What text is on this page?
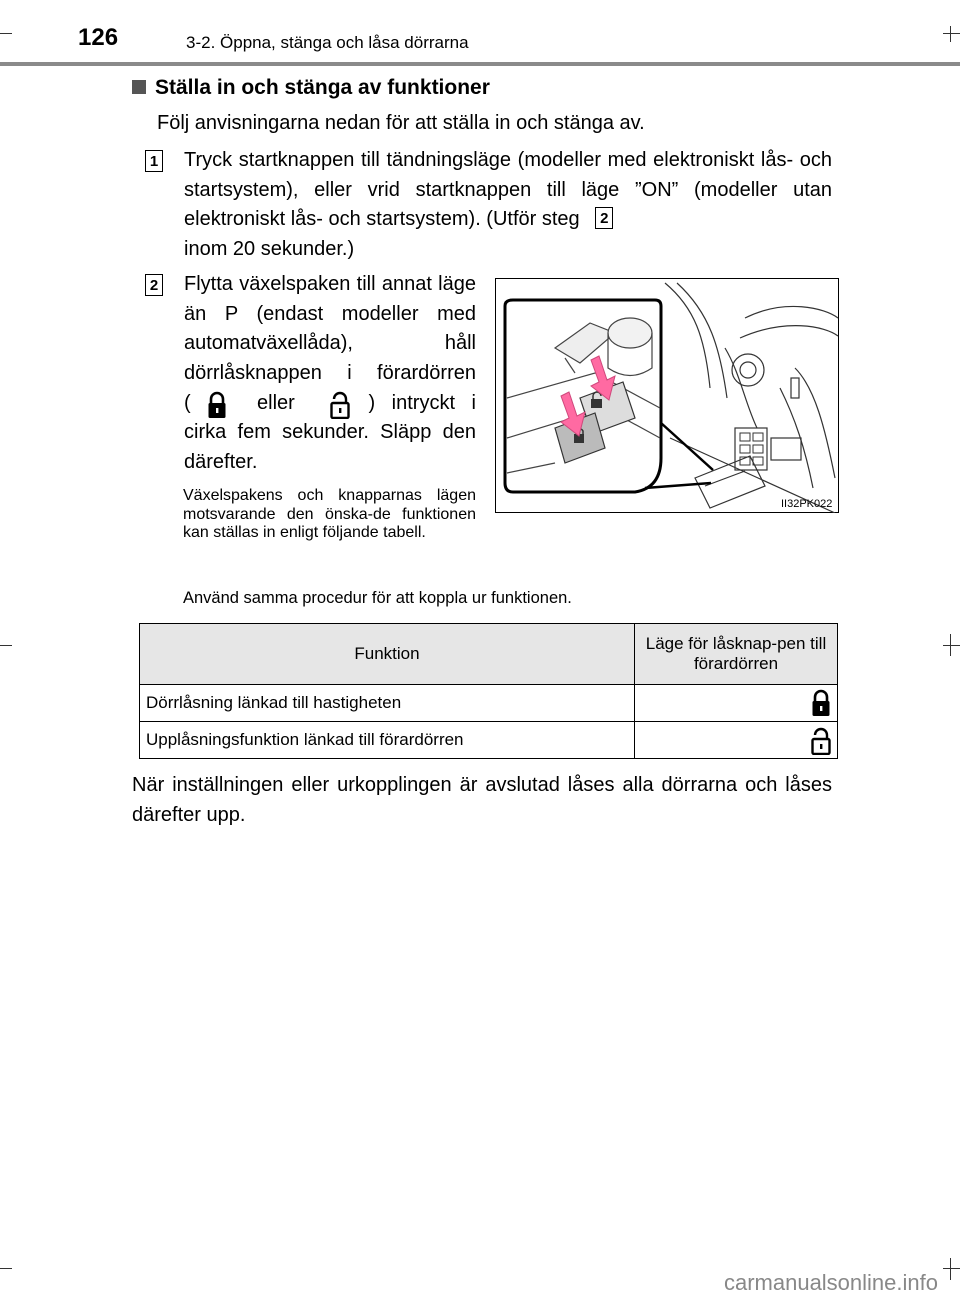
126	3-2. Öppna, stänga och låsa dörrarna
Ställa in och stänga av funktioner
Följ anvisningarna nedan för att ställa in och stänga av.
1 Tryck startknappen till tändningsläge (modeller med elektroniskt lås- och startsystem), eller vrid startknappen till läge ”ON” (modeller utan elektroniskt lås- och startsystem). (Utför steg 2
inom 20 sekunder.)
2 Flytta växelspaken till annat läge än P (endast modeller med automatväxellåda), håll dörrlåsknappen i förardörren
(	eller	) intryckt i
cirka fem sekunder. Släpp den därefter.
Växelspakens och knapparnas lägen motsvarande den önska-de funktionen kan ställas in enligt följande tabell.
Använd samma procedur för att koppla ur funktionen.
II32PK022
Funktion	Läge för låsknap-pen till förardörren
Dörrlåsning länkad till hastigheten	
Upplåsningsfunktion länkad till förardörren	
När inställningen eller urkopplingen är avslutad låses alla dörrarna och låses därefter upp.
carmanualsonline.info
